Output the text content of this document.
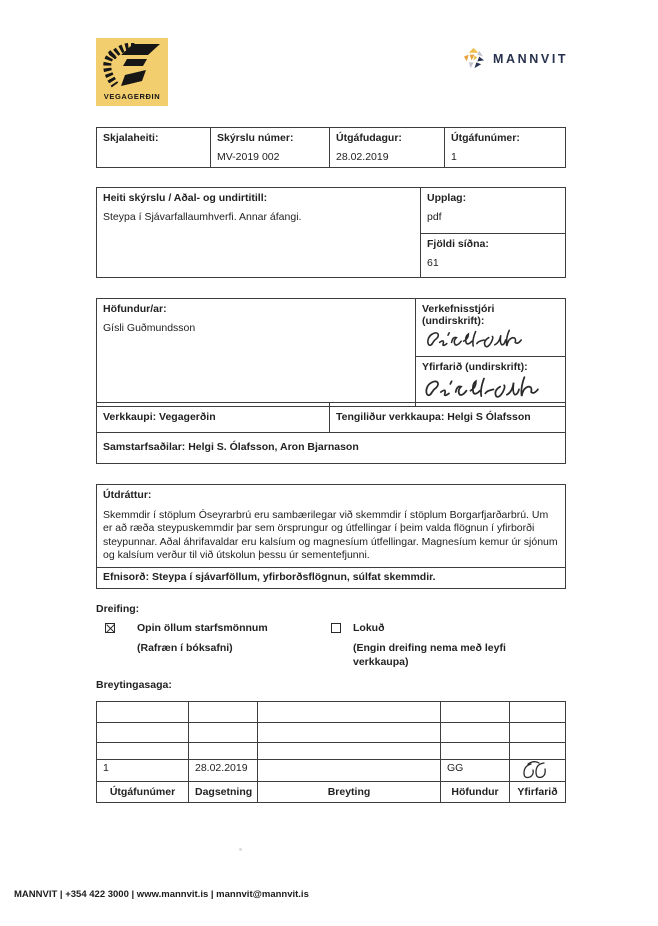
VEGAGERÐIN
MANNVIT
Skjalaheiti:	Skýrslu númer:
MV-2019 002

Útgáfudagur:
28.02.2019

Útgáfunúmer:
1
Heiti skýrslu / Aðal- og undirtitill:
Steypa í Sjávarfallaumhverfi. Annar áfangi.

Upplag:
pdf

Fjöldi síðna:
61
Höfundur/ar:
Gísli Guðmundsson

Verkefnisstjóri (undirskrift):

Yfirfarið (undirskrift):
Verkkaupi: Vegagerðin	Tengiliður verkkaupa: Helgi S Ólafsson
Samstarfsaðilar: Helgi S. Ólafsson, Aron Bjarnason
Útdráttur:
Skemmdir í stöplum Óseyrarbrú eru sambærilegar við skemmdir í stöplum Borgarfjarðarbrú. Um er að ræða steypuskemmdir þar sem örsprungur og útfellingar í þeim valda flögnun í yfirborði steypunnar. Aðal áhrifavaldar eru kalsíum og magnesíum útfellingar. Magnesíum kemur úr sjónum og kalsíum verður til við útskolun þessu úr sementefjunni.

Efnisorð: Steypa í sjávarföllum, yfirborðsflögnun, súlfat skemmdir.
Dreifing:
Opin öllum starfsmönnum
(Rafræn í bóksafni)
Lokuð
(Engin dreifing nema með leyfi verkkaupa)
Breytingasaga:

1	28.02.2019		GG	

Útgáfunúmer	Dagsetning	Breyting	Höfundur	Yfirfarið
MANNVIT | +354 422 3000 | www.mannvit.is | mannvit@mannvit.is
